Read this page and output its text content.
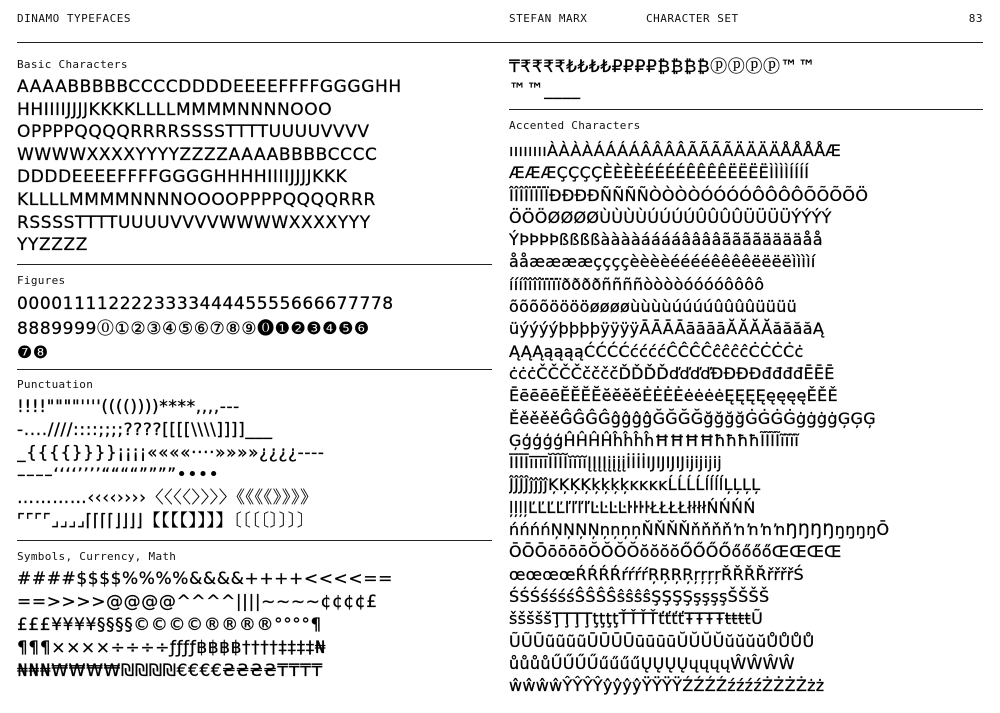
DINAMO TYPEFACES	STEFAN MARX	CHARACTER SET	83
Basic Characters
AAAABBBBBCCCCDDDDEEEEFFFFGGGGHH
HHIIIIJJJJKKKKLLLLMMMMNNNNOOO
OPPPPQQQQRRRRSSSSTTTTUUUUVVVV
WWWWXXXXYYYYZZZZAAAABBBBCCCC
DDDDEEEEFFFFGGGGHHHHIIIIJJJJKKK
KLLLLMMMMNNNNOOOOPPPPQQQQRRR
RSSSSTTTTUUUUVVVVWWWWXXXXYYY
YYZZZZ
Figures
000011112222333344445555666677778
8889999⓪①②③④⑤⑥⑦⑧⑨⓿❶❷❸❹❺❻
❼❽
Punctuation
!!!!""""''''(((())))****,,,,---
-....////::::;;;;????[[[[\\\\]]]]___
_{{{{}}}}¡¡¡¡««««····»»»»¿¿¿¿----
––––‘‘‘‘’’’’““““””””••••
…………‹‹‹‹››››〈〈〈〈〉〉〉〉《《《《》》》》
⌜⌜⌜⌜⌟⌟⌟⌟⌈⌈⌈⌈⌋⌋⌋⌋【【【【】】】】〔〔〔〔〕〕〕〕
Symbols, Currency, Math
####$$$$%%%%&&&&++++<<<<==
==>>>>@@@@^^^^||||~~~~¢¢¢¢£
£££¥¥¥¥§§§§©©©©®®®®°°°°¶
¶¶¶××××÷÷÷÷ƒƒƒƒ฿฿฿฿††††‡‡‡‡₦
₦₦₦₩₩₩₩₪₪₪₪€€€€₴₴₴₴₸₸₸₸
₸₹₹₹₹₺₺₺₺₽₽₽₽₿₿₿₿ⓟⓟⓟⓟ™™
™™____
Accented Characters
ııııııııÀÀÀÀÁÁÁÁÂÂÂÂÃÃÃÃÄÄÄÄÅÅÅÅÆ
ÆÆÆÇÇÇÇÈÈÈÈÉÉÉÉÊÊÊÊËËËËÌÌÌÌÍÍÍÍ
ÎÎÎÎÏÏÏÏÐÐÐÐÑÑÑÑÒÒÒÒÓÓÓÓÔÔÔÔÕÕÕÕÖ
ÖÖÖØØØØÙÙÙÙÚÚÚÚÛÛÛÛÜÜÜÜÝÝÝÝ
ÝÞÞÞÞßßßßààààááááââââããããääääåå
ååææææççççèèèèééééêêêêëëëëììììí
íííîîîîïïïïððððññññòòòòóóóóôôôô
õõõõööööøøøøùùùùúúúúûûûûüüüü
üýýýýþþþþÿÿÿÿĀĀĀĀāāāāĂĂĂĂăăăăĄ
ĄĄĄąąąąĆĆĆĆććććĈĈĈĈĉĉĉĉĊĊĊĊċ
ċċċČČČČččččĎĎĎĎďďďďĐĐĐĐđđđđĒĒĒ
ĒēēēēĔĔĔĔĕĕĕĕĖĖĖĖėėėėĘĘĘĘęęęęĚĚĚ
ĚěěěěĜĜĜĜĝĝĝĝĞĞĞĞğğğğĠĠĠĠġġġġĢĢĢ
ĢģģģģĤĤĤĤĥĥĥĥĦĦĦĦħħħħĨĨĨĨĩĩĩĩ
ĪĪĪĪīīīīĬĬĬĬĭĭĭĭĮĮĮĮįįįįİİİİĲĲĲĲĳĳĳĳ
ĴĴĴĴĵĵĵĵĶĶĶĶķķķķĸĸĸĸĹĹĹĹĺĺĺĺĻĻĻĻ
ļļļļĽĽĽĽľľľľĿĿĿĿŀŀŀŀŁŁŁŁłłłłŃŃŃŃ
ńńńńŅŅŅŅņņņņŇŇŇŇňňňňŉŉŉŉŊŊŊŊŋŋŋŋŌ
ŌŌŌōōōōŎŎŎŎŏŏŏŏŐŐŐŐőőőőŒŒŒŒ
œœœœŔŔŔŔŕŕŕŕŖŖŖŖŗŗŗŗŘŘŘŘřřřřŚ
ŚŚŚśśśśŜŜŜŜŝŝŝŝŞŞŞŞşşşşŠŠŠŠ
šššššŢŢŢŢţţţţŤŤŤŤťťťťŦŦŦŦŧŧŧŧŨ
ŨŨŨũũũũŪŪŪŪūūūūŬŬŬŬŭŭŭŭŮŮŮŮ
ůůůůŰŰŰŰűűűűŲŲŲŲųųųųŴŴŴŴ
ŵŵŵŵŶŶŶŶŷŷŷŷŸŸŸŸŹŹŹŹźźźźŻŻŻŻżż
